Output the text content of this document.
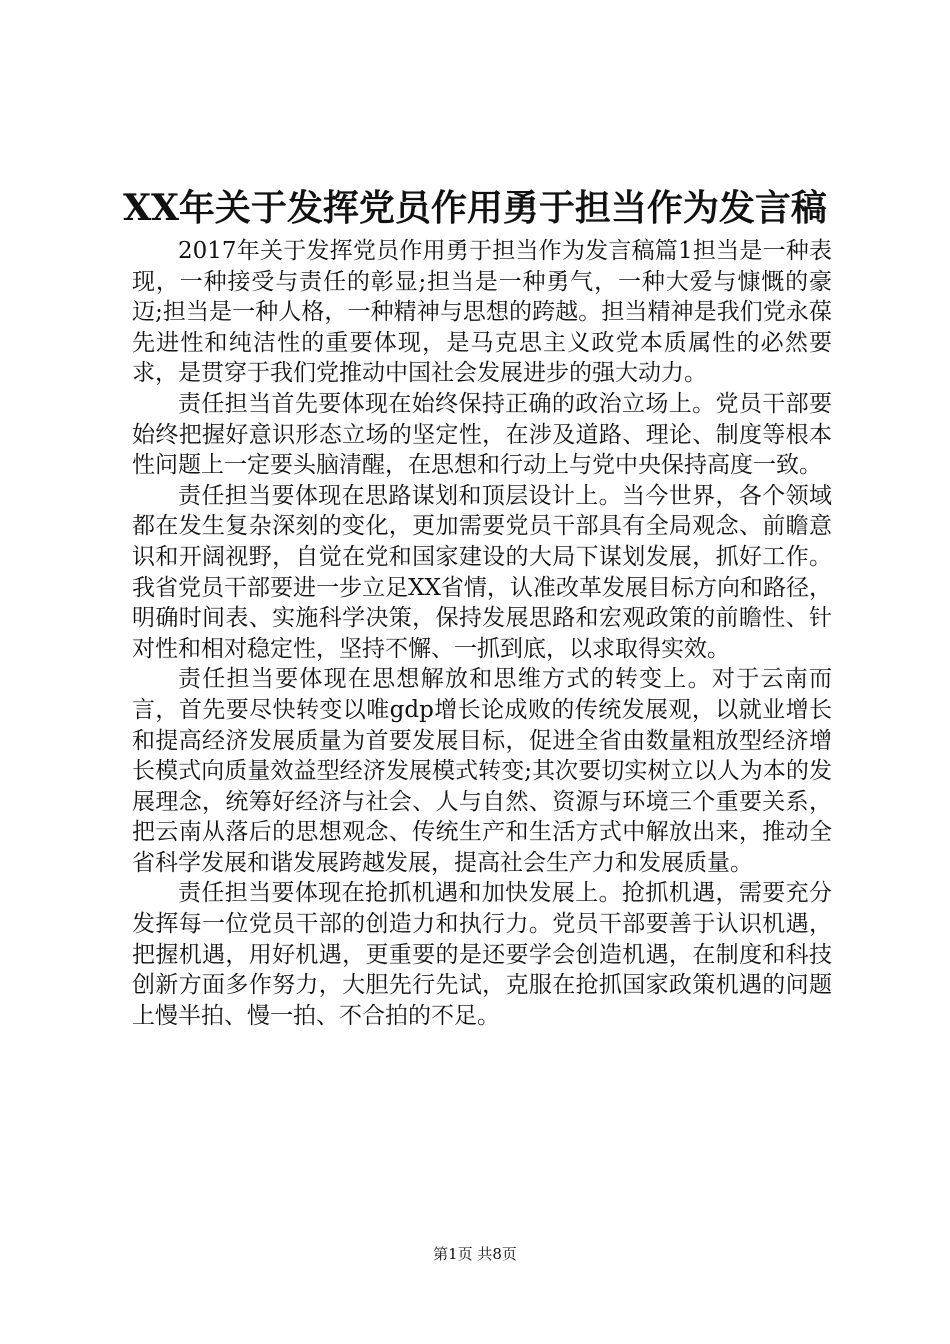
XX年关于发挥党员作用勇于担当作为发言稿

2017年关于发挥党员作用勇于担当作为发言稿篇1担当是一种表现，一种接受与责任的彰显;担当是一种勇气，一种大爱与慷慨的豪迈;担当是一种人格，一种精神与思想的跨越。担当精神是我们党永葆先进性和纯洁性的重要体现，是马克思主义政党本质属性的必然要求，是贯穿于我们党推动中国社会发展进步的强大动力。

责任担当首先要体现在始终保持正确的政治立场上。党员干部要始终把握好意识形态立场的坚定性，在涉及道路、理论、制度等根本性问题上一定要头脑清醒，在思想和行动上与党中央保持高度一致。

责任担当要体现在思路谋划和顶层设计上。当今世界，各个领域都在发生复杂深刻的变化，更加需要党员干部具有全局观念、前瞻意识和开阔视野，自觉在党和国家建设的大局下谋划发展，抓好工作。我省党员干部要进一步立足XX省情，认准改革发展目标方向和路径，明确时间表、实施科学决策，保持发展思路和宏观政策的前瞻性、针对性和相对稳定性，坚持不懈、一抓到底，以求取得实效。

责任担当要体现在思想解放和思维方式的转变上。对于云南而言，首先要尽快转变以唯gdp增长论成败的传统发展观，以就业增长和提高经济发展质量为首要发展目标，促进全省由数量粗放型经济增长模式向质量效益型经济发展模式转变;其次要切实树立以人为本的发展理念，统筹好经济与社会、人与自然、资源与环境三个重要关系，把云南从落后的思想观念、传统生产和生活方式中解放出来，推动全省科学发展和谐发展跨越发展，提高社会生产力和发展质量。

责任担当要体现在抢抓机遇和加快发展上。抢抓机遇，需要充分发挥每一位党员干部的创造力和执行力。党员干部要善于认识机遇，把握机遇，用好机遇，更重要的是还要学会创造机遇，在制度和科技创新方面多作努力，大胆先行先试，克服在抢抓国家政策机遇的问题上慢半拍、慢一拍、不合拍的不足。

第1页 共8页
